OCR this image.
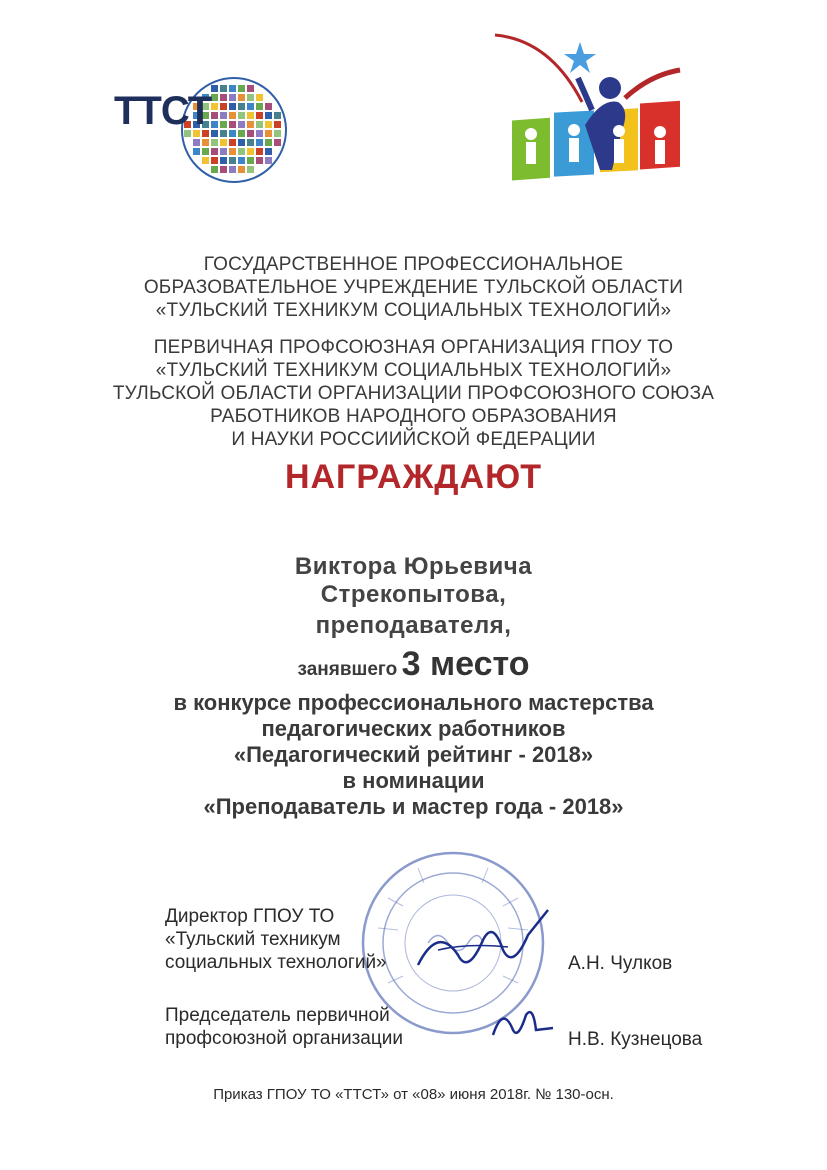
ТТСТ
ГОСУДАРСТВЕННОЕ ПРОФЕССИОНАЛЬНОЕ
ОБРАЗОВАТЕЛЬНОЕ УЧРЕЖДЕНИЕ ТУЛЬСКОЙ ОБЛАСТИ
«ТУЛЬСКИЙ ТЕХНИКУМ СОЦИАЛЬНЫХ ТЕХНОЛОГИЙ»
ПЕРВИЧНАЯ ПРОФСОЮЗНАЯ ОРГАНИЗАЦИЯ ГПОУ ТО
«ТУЛЬСКИЙ ТЕХНИКУМ СОЦИАЛЬНЫХ ТЕХНОЛОГИЙ»
ТУЛЬСКОЙ ОБЛАСТИ ОРГАНИЗАЦИИ ПРОФСОЮЗНОГО СОЮЗА
РАБОТНИКОВ НАРОДНОГО ОБРАЗОВАНИЯ
И НАУКИ РОССИИЙСКОЙ ФЕДЕРАЦИИ
НАГРАЖДАЮТ
Виктора Юрьевича
Стрекопытова,
преподавателя,
занявшего 3 место
в конкурсе профессионального мастерства
педагогических работников
«Педагогический рейтинг - 2018»
в номинации
«Преподаватель и мастер года - 2018»
Директор ГПОУ ТО
«Тульский техникум
социальных технологий»	А.Н. Чулков
Председатель первичной
профсоюзной организации	Н.В. Кузнецова
Приказ ГПОУ ТО «ТТСТ» от «08» июня 2018г. № 130-осн.
